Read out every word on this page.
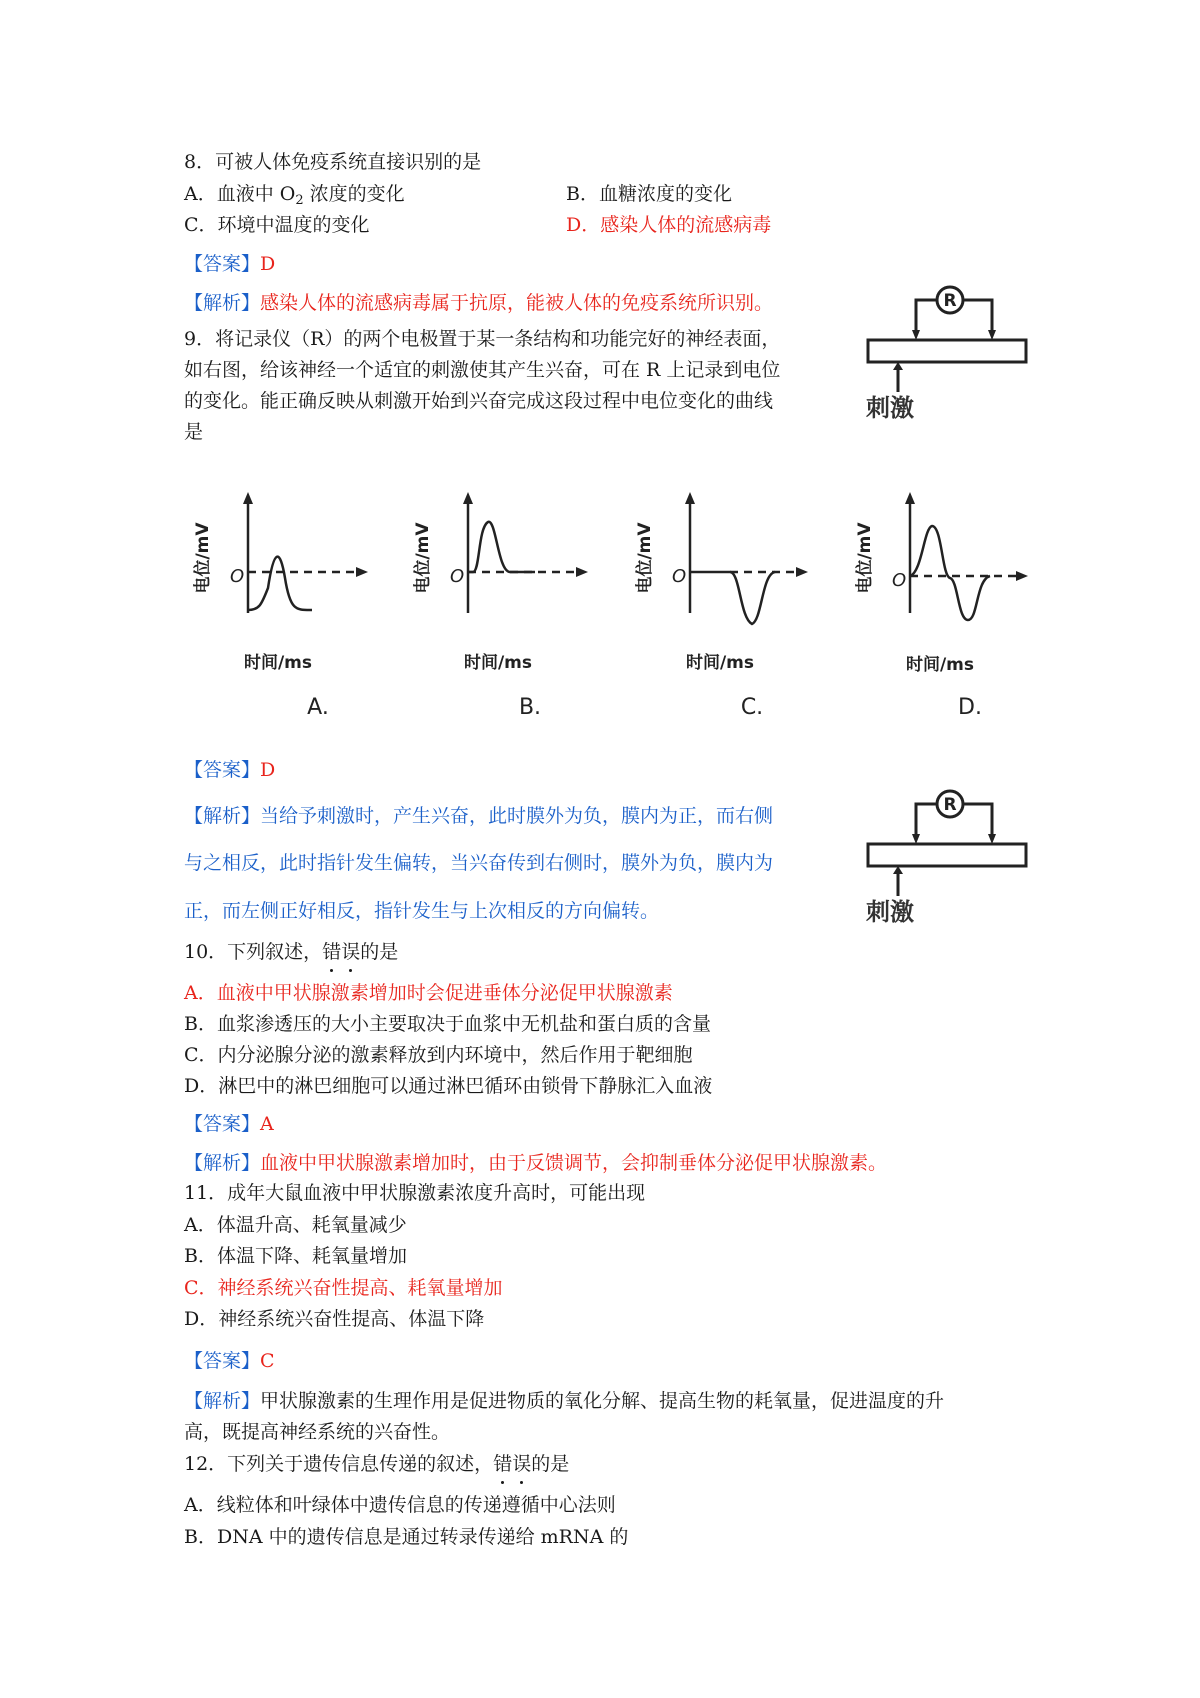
8．可被人体免疫系统直接识别的是
A．血液中 $O_2$ 浓度的变化	B．血糖浓度的变化
C．环境中温度的变化	D．感染人体的流感病毒
【答案】D
【解析】感染人体的流感病毒属于抗原，能被人体的免疫系统所识别。
9．将记录仪（R）的两个电极置于某一条结构和功能完好的神经表面，
如右图，给该神经一个适宜的刺激使其产生兴奋，可在 R 上记录到电位
的变化。能正确反映从刺激开始到兴奋完成这段过程中电位变化的曲线
是
R
刺激
电位/mV	电位/mV	电位/mV	电位/mV
O	O	O	O
时间/ms	时间/ms	时间/ms	时间/ms
A.	B.	C.	D.
【答案】D
【解析】当给予刺激时，产生兴奋，此时膜外为负，膜内为正，而右侧
与之相反，此时指针发生偏转，当兴奋传到右侧时，膜外为负，膜内为
正，而左侧正好相反，指针发生与上次相反的方向偏转。
R
刺激
10．下列叙述，错误的是
A．血液中甲状腺激素增加时会促进垂体分泌促甲状腺激素
B．血浆渗透压的大小主要取决于血浆中无机盐和蛋白质的含量
C．内分泌腺分泌的激素释放到内环境中，然后作用于靶细胞
D．淋巴中的淋巴细胞可以通过淋巴循环由锁骨下静脉汇入血液
【答案】A
【解析】血液中甲状腺激素增加时，由于反馈调节，会抑制垂体分泌促甲状腺激素。
11．成年大鼠血液中甲状腺激素浓度升高时，可能出现
A．体温升高、耗氧量减少
B．体温下降、耗氧量增加
C．神经系统兴奋性提高、耗氧量增加
D．神经系统兴奋性提高、体温下降
【答案】C
【解析】甲状腺激素的生理作用是促进物质的氧化分解、提高生物的耗氧量，促进温度的升
高，既提高神经系统的兴奋性。
12．下列关于遗传信息传递的叙述，错误的是
A．线粒体和叶绿体中遗传信息的传递遵循中心法则
B．DNA 中的遗传信息是通过转录传递给 mRNA 的
